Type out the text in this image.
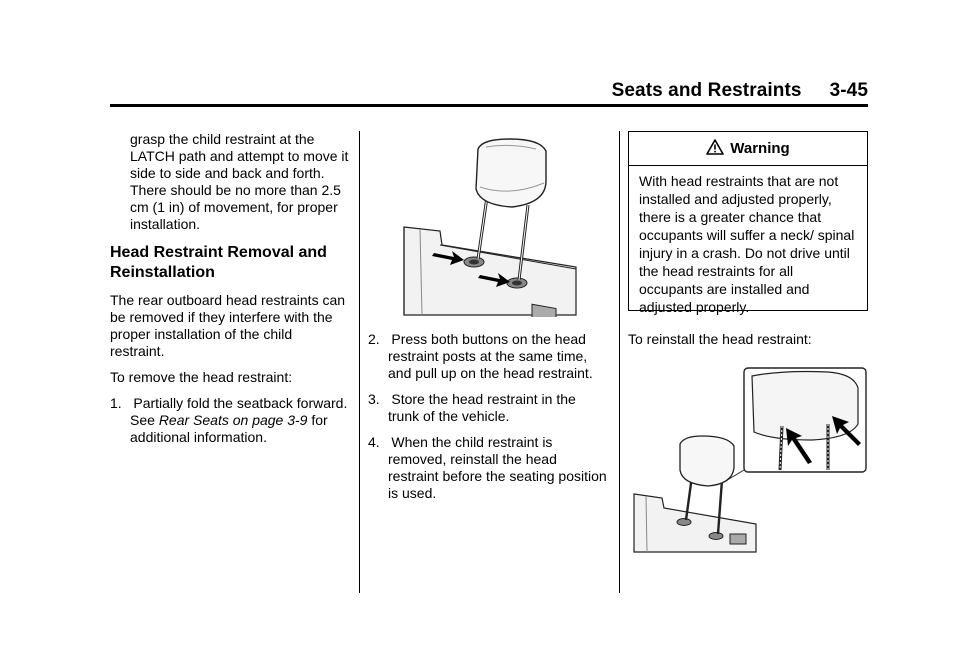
Seats and Restraints 3-45

grasp the child restraint at the LATCH path and attempt to move it side to side and back and forth. There should be no more than 2.5 cm (1 in) of movement, for proper installation.

Head Restraint Removal and Reinstallation

The rear outboard head restraints can be removed if they interfere with the proper installation of the child restraint.

To remove the head restraint:

1. Partially fold the seatback forward. See Rear Seats on page 3-9 for additional information.

2. Press both buttons on the head restraint posts at the same time, and pull up on the head restraint.

3. Store the head restraint in the trunk of the vehicle.

4. When the child restraint is removed, reinstall the head restraint before the seating position is used.

Warning
With head restraints that are not installed and adjusted properly, there is a greater chance that occupants will suffer a neck/ spinal injury in a crash. Do not drive until the head restraints for all occupants are installed and adjusted properly.
To reinstall the head restraint:
